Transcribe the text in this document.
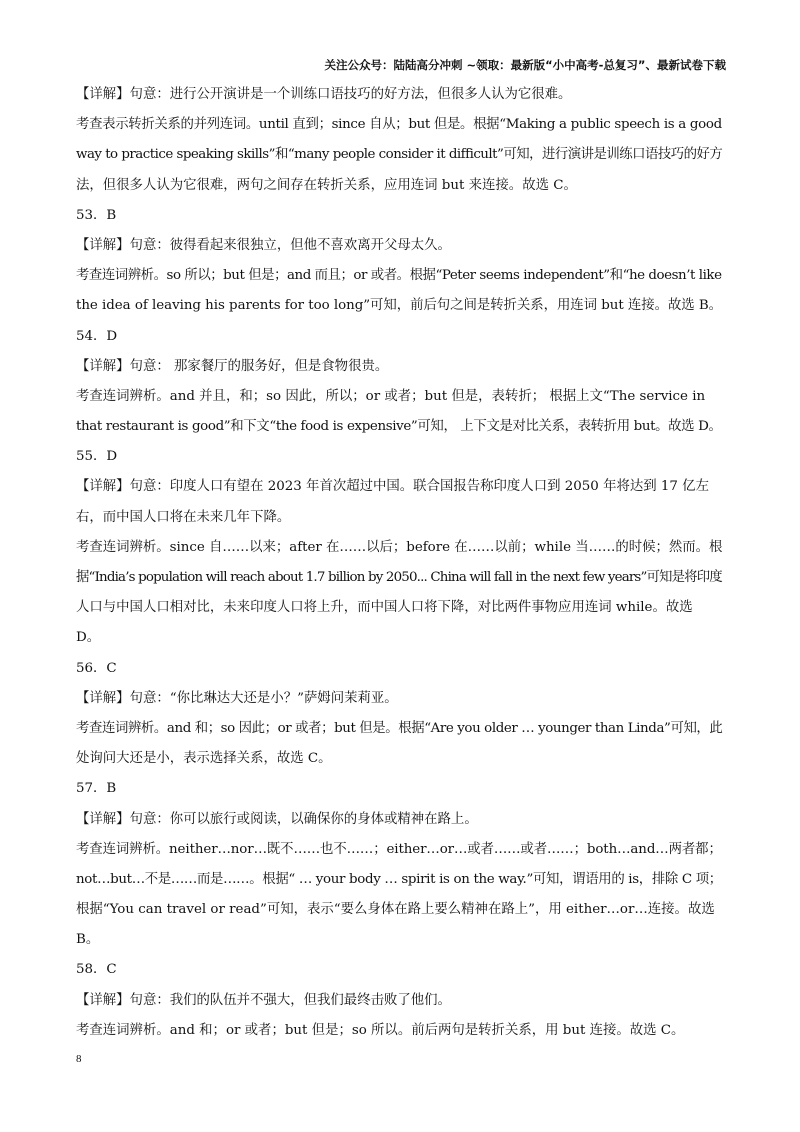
关注公众号：陆陆高分冲刺 ~领取：最新版“小中高考-总复习”、最新试卷下载
【详解】句意：进行公开演讲是一个训练口语技巧的好方法，但很多人认为它很难。
考查表示转折关系的并列连词。until 直到；since 自从；but 但是。根据“Making a public speech is a good
way to practice speaking skills”和“many people consider it difficult”可知，进行演讲是训练口语技巧的好方
法，但很多人认为它很难，两句之间存在转折关系，应用连词 but 来连接。故选 C。
53．B
【详解】句意：彼得看起来很独立，但他不喜欢离开父母太久。
考查连词辨析。so 所以；but 但是；and 而且；or 或者。根据“Peter seems independent”和“he doesn’t like
the idea of leaving his parents for too long”可知，前后句之间是转折关系，用连词 but 连接。故选 B。
54．D
【详解】句意： 那家餐厅的服务好，但是食物很贵。
考查连词辨析。and 并且，和；so 因此，所以；or 或者；but 但是，表转折； 根据上文“The service in
that restaurant is good”和下文“the food is expensive”可知， 上下文是对比关系，表转折用 but。故选 D。
55．D
【详解】句意：印度人口有望在 2023 年首次超过中国。联合国报告称印度人口到 2050 年将达到 17 亿左
右，而中国人口将在未来几年下降。
考查连词辨析。since 自……以来；after 在……以后；before 在……以前；while 当……的时候；然而。根
据“India’s population will reach about 1.7 billion by 2050... China will fall in the next few years”可知是将印度
人口与中国人口相对比，未来印度人口将上升，而中国人口将下降，对比两件事物应用连词 while。故选
D。
56．C
【详解】句意：“你比琳达大还是小？”萨姆问茉莉亚。
考查连词辨析。and 和；so 因此；or 或者；but 但是。根据“Are you older … younger than Linda”可知，此
处询问大还是小，表示选择关系，故选 C。
57．B
【详解】句意：你可以旅行或阅读，以确保你的身体或精神在路上。
考查连词辨析。neither…nor…既不……也不……；either…or…或者……或者……；both…and…两者都；
not…but…不是……而是……。根据“ … your body … spirit is on the way.”可知，谓语用的 is，排除 C 项；
根据“You can travel or read”可知，表示“要么身体在路上要么精神在路上”，用 either…or…连接。故选
B。
58．C
【详解】句意：我们的队伍并不强大，但我们最终击败了他们。
考查连词辨析。and 和；or 或者；but 但是；so 所以。前后两句是转折关系，用 but 连接。故选 C。
8
